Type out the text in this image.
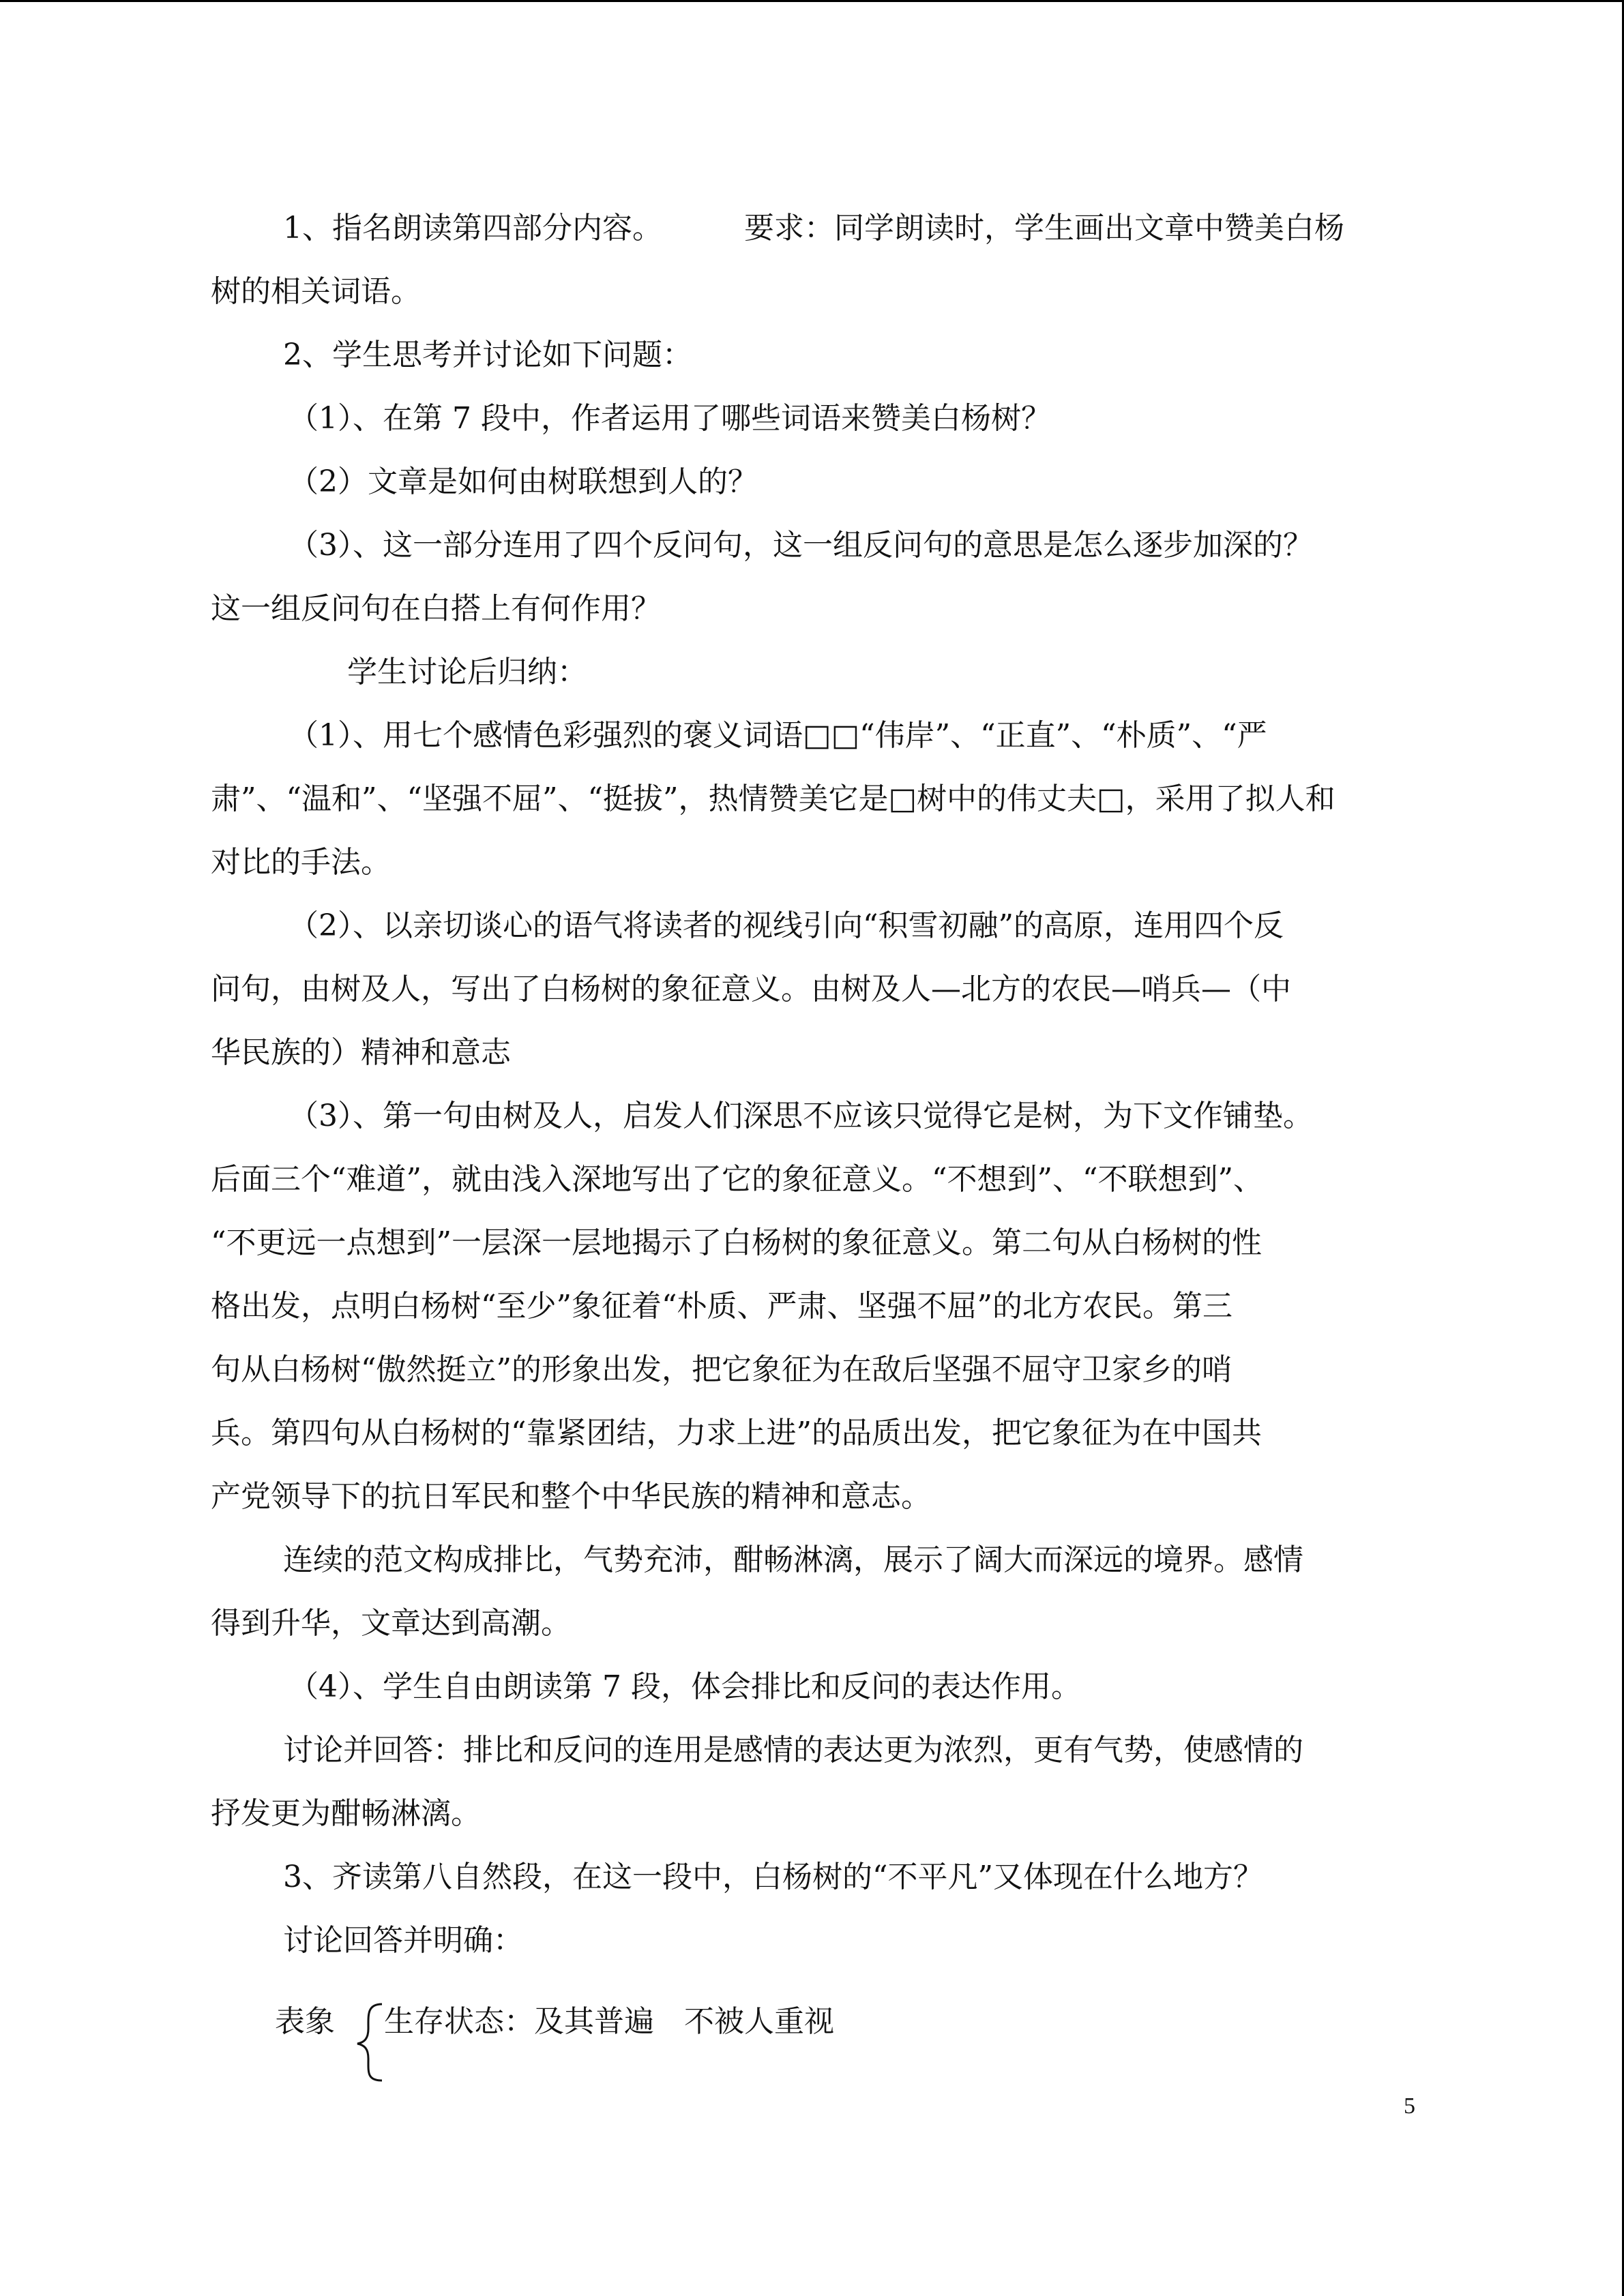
1、指名朗读第四部分内容。	要求：同学朗读时，学生画出文章中赞美白杨

树的相关词语。

2、学生思考并讨论如下问题：

（1）、在第 7 段中，作者运用了哪些词语来赞美白杨树？

（2）文章是如何由树联想到人的？

（3）、这一部分连用了四个反问句，这一组反问句的意思是怎么逐步加深的？

这一组反问句在白搭上有何作用？

学生讨论后归纳：

（1）、用七个感情色彩强烈的褒义词语□□“伟岸”、“正直”、“朴质”、“严

肃”、“温和”、“坚强不屈”、“挺拔”，热情赞美它是□树中的伟丈夫□，采用了拟人和

对比的手法。

（2）、以亲切谈心的语气将读者的视线引向“积雪初融”的高原，连用四个反

问句，由树及人，写出了白杨树的象征意义。由树及人—北方的农民—哨兵—（中

华民族的）精神和意志

（3）、第一句由树及人，启发人们深思不应该只觉得它是树，为下文作铺垫。

后面三个“难道”，就由浅入深地写出了它的象征意义。“不想到”、“不联想到”、

“不更远一点想到”一层深一层地揭示了白杨树的象征意义。第二句从白杨树的性

格出发，点明白杨树“至少”象征着“朴质、严肃、坚强不屈”的北方农民。第三

句从白杨树“傲然挺立”的形象出发，把它象征为在敌后坚强不屈守卫家乡的哨

兵。第四句从白杨树的“靠紧团结，力求上进”的品质出发，把它象征为在中国共

产党领导下的抗日军民和整个中华民族的精神和意志。

连续的范文构成排比，气势充沛，酣畅淋漓，展示了阔大而深远的境界。感情

得到升华，文章达到高潮。

（4）、学生自由朗读第 7 段，体会排比和反问的表达作用。

讨论并回答：排比和反问的连用是感情的表达更为浓烈，更有气势，使感情的

抒发更为酣畅淋漓。

3、齐读第八自然段，在这一段中，白杨树的“不平凡”又体现在什么地方？

讨论回答并明确：

表象 生存状态：及其普遍 不被人重视
5
